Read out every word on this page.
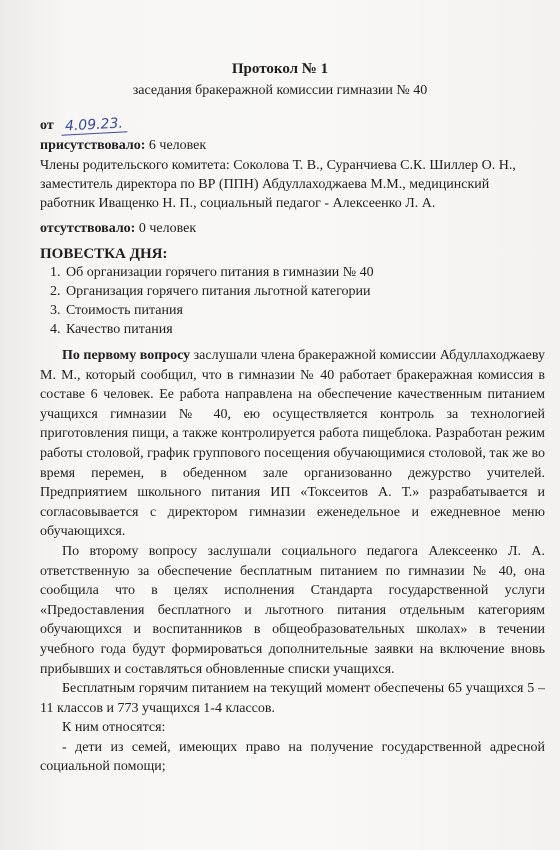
Протокол № 1
заседания бракеражной комиссии гимназии № 40
от 4.09.23.
присутствовало: 6 человек
Члены родительского комитета: Соколова Т. В., Суранчиева С.К. Шиллер О. Н., заместитель директора по ВР (ППН) Абдуллаходжаева М.М., медицинский работник Иващенко Н. П., социальный педагог - Алексеенко Л. А.
отсутствовало: 0 человек
ПОВЕСТКА ДНЯ:
1. Об организации горячего питания в гимназии № 40
2. Организация горячего питания льготной категории
3. Стоимость питания
4. Качество питания

По первому вопросу заслушали члена бракеражной комиссии Абдуллаходжаеву М. М., который сообщил, что в гимназии № 40 работает бракеражная комиссия в составе 6 человек. Ее работа направлена на обеспечение качественным питанием учащихся гимназии № 40, ею осуществляется контроль за технологией приготовления пищи, а также контролируется работа пищеблока. Разработан режим работы столовой, график группового посещения обучающимися столовой, так же во время перемен, в обеденном зале организованно дежурство учителей. Предприятием школьного питания ИП «Токсеитов А. Т.» разрабатывается и согласовывается с директором гимназии еженедельное и ежедневное меню обучающихся.

По второму вопросу заслушали социального педагога Алексеенко Л. А. ответственную за обеспечение бесплатным питанием по гимназии № 40, она сообщила что в целях исполнения Стандарта государственной услуги «Предоставления бесплатного и льготного питания отдельным категориям обучающихся и воспитанников в общеобразовательных школах» в течении учебного года будут формироваться дополнительные заявки на включение вновь прибывших и составляться обновленные списки учащихся.

Бесплатным горячим питанием на текущий момент обеспечены 65 учащихся 5 – 11 классов и 773 учащихся 1-4 классов.

К ним относятся:

- дети из семей, имеющих право на получение государственной адресной социальной помощи;
